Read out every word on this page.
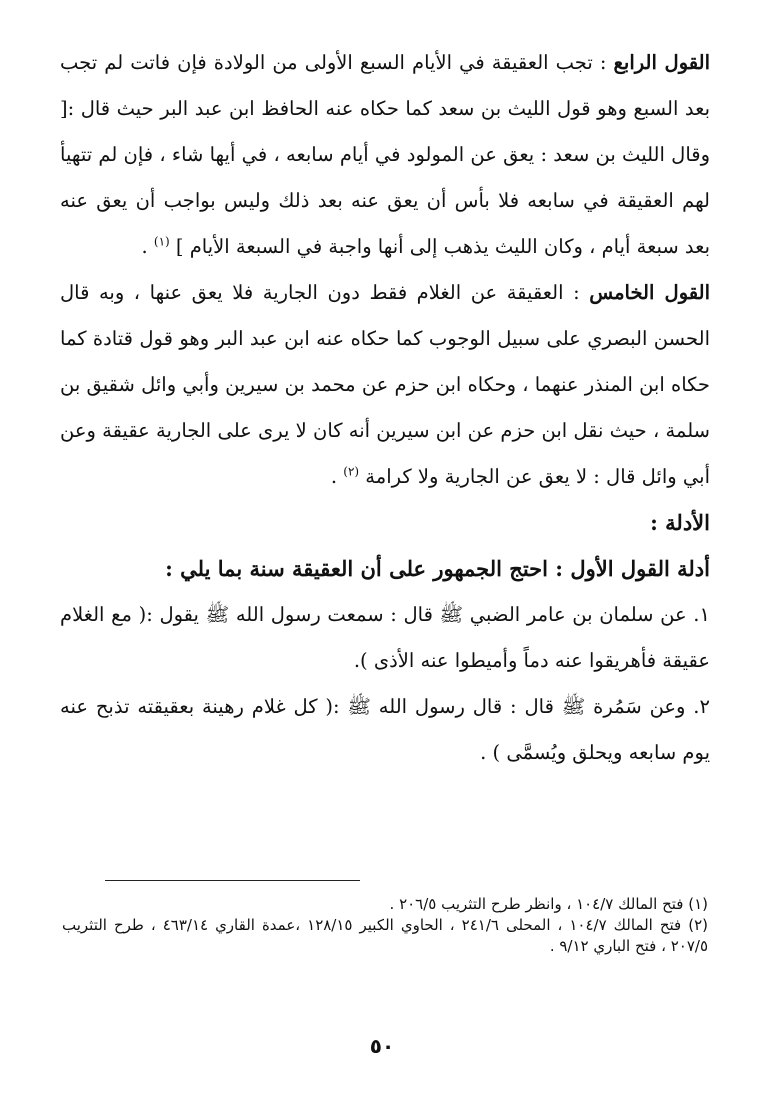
القول الرابع : تجب العقيقة في الأيام السبع الأولى من الولادة فإن فاتت لم تجب بعد السبع وهو قول الليث بن سعد كما حكاه عنه الحافظ ابن عبد البر حيث قال :[ وقال الليث بن سعد : يعق عن المولود في أيام سابعه ، في أيها شاء ، فإن لم تتهيأ لهم العقيقة في سابعه فلا بأس أن يعق عنه بعد ذلك وليس بواجب أن يعق عنه بعد سبعة أيام ، وكان الليث يذهب إلى أنها واجبة في السبعة الأيام ] $^{(١)}$ .

القول الخامس : العقيقة عن الغلام فقط دون الجارية فلا يعق عنها ، وبه قال الحسن البصري على سبيل الوجوب كما حكاه عنه ابن عبد البر وهو قول قتادة كما حكاه ابن المنذر عنهما ، وحكاه ابن حزم عن محمد بن سيرين وأبي وائل شقيق بن سلمة ، حيث نقل ابن حزم عن ابن سيرين أنه كان لا يرى على الجارية عقيقة وعن أبي وائل قال : لا يعق عن الجارية ولا كرامة $^{(٢)}$ .

الأدلة :

أدلة القول الأول : احتج الجمهور على أن العقيقة سنة بما يلي :

١. عن سلمان بن عامر الضبي ﷺ قال : سمعت رسول الله ﷺ يقول :( مع الغلام عقيقة فأهريقوا عنه دماً وأميطوا عنه الأذى ).

٢. وعن سَمُرة ﷺ قال : قال رسول الله ﷺ :( كل غلام رهينة بعقيقته تذبح عنه يوم سابعه ويحلق ويُسمَّى ) .

(١) فتح المالك ١٠٤/٧ ، وانظر طرح التثريب ٢٠٦/٥ .

(٢) فتح المالك ١٠٤/٧ ، المحلى ٢٤١/٦ ، الحاوي الكبير ١٢٨/١٥ ،عمدة القاري ٤٦٣/١٤ ، طرح التثريب ٢٠٧/٥ ، فتح الباري ٩/١٢ .

٥٠
